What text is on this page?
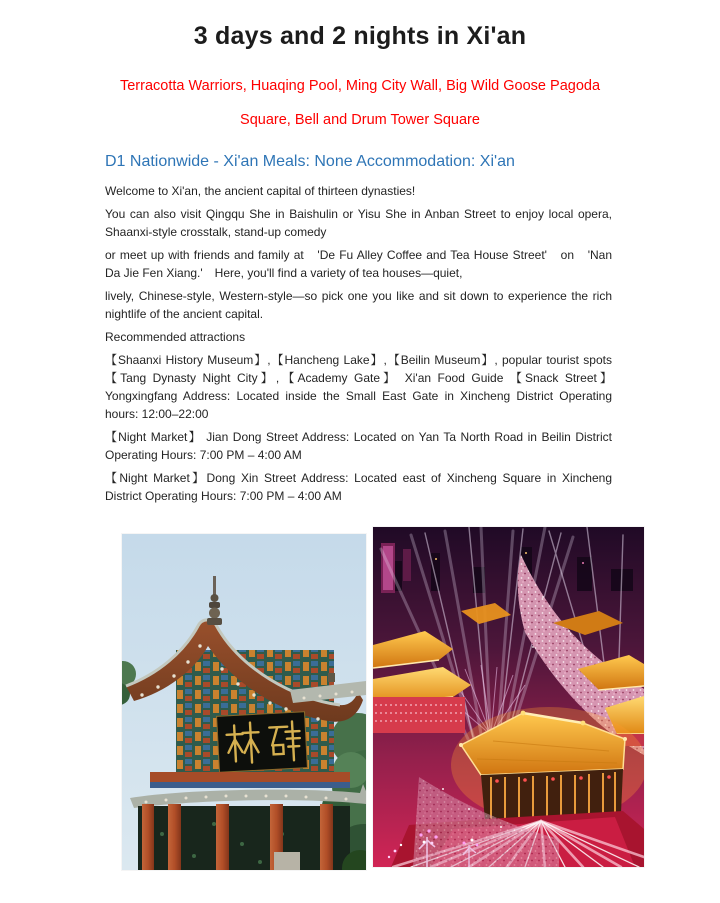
3 days and 2 nights in Xi'an

Terracotta Warriors, Huaqing Pool, Ming City Wall, Big Wild Goose Pagoda

Square, Bell and Drum Tower Square

D1 Nationwide - Xi'an Meals: None Accommodation: Xi'an

Welcome to Xi'an, the ancient capital of thirteen dynasties!

You can also visit Qingqu She in Baishulin or Yisu She in Anban Street to enjoy local opera, Shaanxi-style crosstalk, stand-up comedy

or meet up with friends and family at　'De Fu Alley Coffee and Tea House Street'　on　'Nan Da Jie Fen Xiang.'　Here, you'll find a variety of tea houses—quiet,

lively, Chinese-style, Western-style—so pick one you like and sit down to experience the rich nightlife of the ancient capital.

Recommended attractions

【Shaanxi History Museum】,【Hancheng Lake】,【Beilin Museum】, popular tourist spots 【Tang Dynasty Night City】,【Academy Gate】 Xi'an Food Guide 【Snack Street】 Yongxingfang Address: Located inside the Small East Gate in Xincheng District Operating hours: 12:00–22:00

【Night Market】 Jian Dong Street Address: Located on Yan Ta North Road in Beilin District Operating Hours: 7:00 PM – 4:00 AM

【Night Market】Dong Xin Street Address: Located east of Xincheng Square in Xincheng District Operating Hours: 7:00 PM – 4:00 AM
